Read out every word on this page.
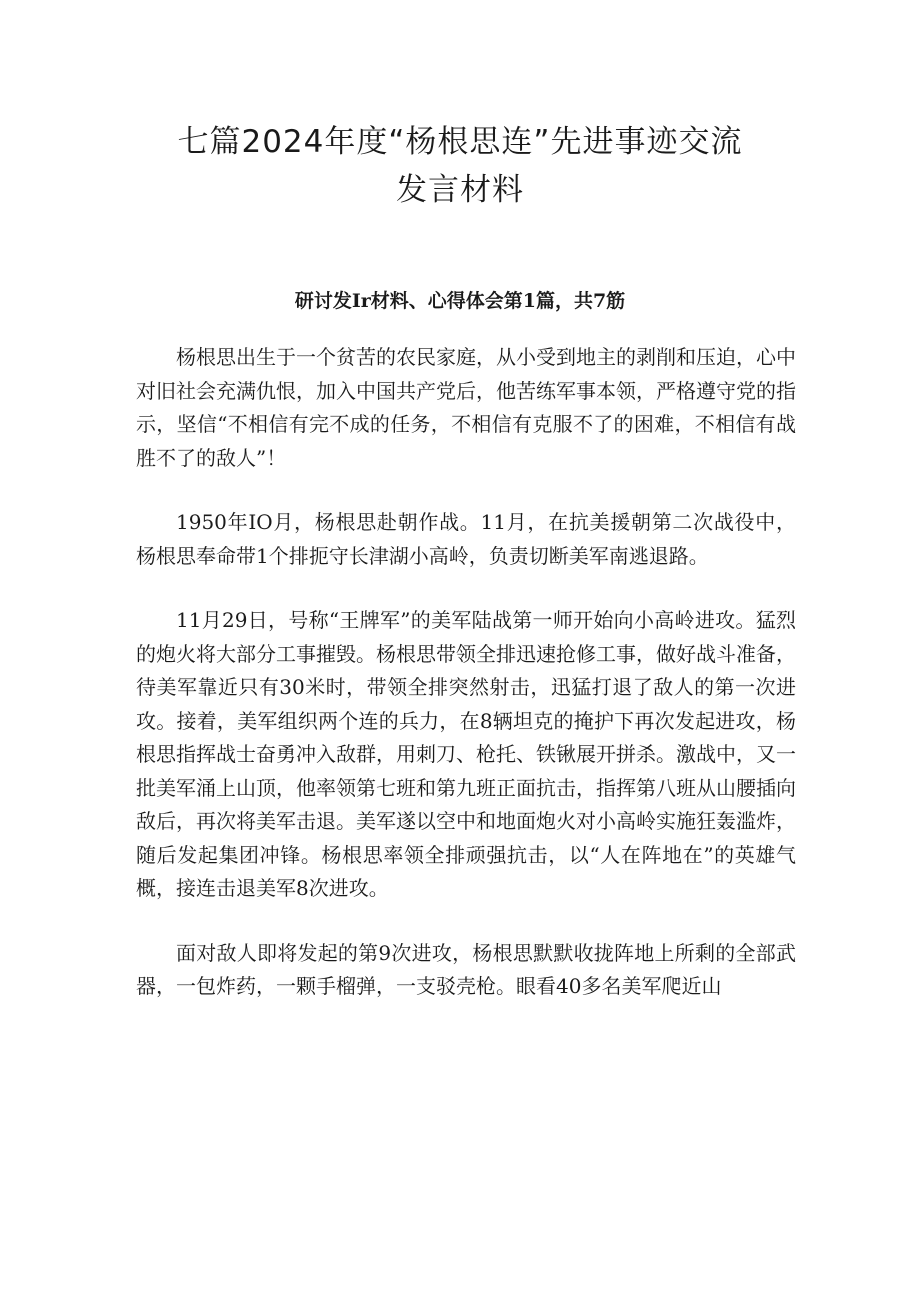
七篇2024年度“杨根思连”先进事迹交流
发言材料
研讨发Ir材料、心得体会第1篇，共7筋

杨根思出生于一个贫苦的农民家庭，从小受到地主的剥削和压迫，心中对旧社会充满仇恨，加入中国共产党后，他苦练军事本领，严格遵守党的指示，坚信“不相信有完不成的任务，不相信有克服不了的困难，不相信有战胜不了的敌人”！

1950年IO月，杨根思赴朝作战。11月，在抗美援朝第二次战役中，杨根思奉命带1个排扼守长津湖小高岭，负责切断美军南逃退路。

11月29日，号称“王牌军”的美军陆战第一师开始向小高岭进攻。猛烈的炮火将大部分工事摧毁。杨根思带领全排迅速抢修工事，做好战斗准备，待美军靠近只有30米时，带领全排突然射击，迅猛打退了敌人的第一次进攻。接着，美军组织两个连的兵力，在8辆坦克的掩护下再次发起进攻，杨根思指挥战士奋勇冲入敌群，用刺刀、枪托、铁锹展开拼杀。激战中，又一批美军涌上山顶，他率领第七班和第九班正面抗击，指挥第八班从山腰插向敌后，再次将美军击退。美军遂以空中和地面炮火对小高岭实施狂轰滥炸，随后发起集团冲锋。杨根思率领全排顽强抗击，以“人在阵地在”的英雄气概，接连击退美军8次进攻。

面对敌人即将发起的第9次进攻，杨根思默默收拢阵地上所剩的全部武器，一包炸药，一颗手榴弹，一支驳壳枪。眼看40多名美军爬近山
